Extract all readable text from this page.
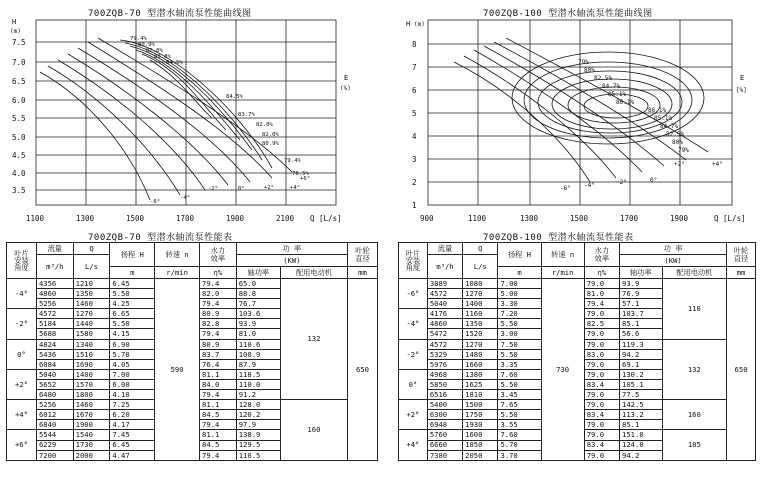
700ZQB-70 型潜水轴流泵性能曲线图
H
(m)
7.5
7.0
6.5
6.0
5.5
5.0
4.5
4.0
3.5
1100	1300	1500	1700	1900	2100 Q [L/s]
E
(%)
79.4%
80.9%
82.0%
82.8%
84.5%
84.5%
83.7%
82.8%
82.0%
80.9%
79.4%
78.5%
-6°
-4°
-2°	0°	+2°	+4°
+6°
700ZQB-100 型潜水轴流泵性能曲线图
H (m)
8
7
6
5
4
3
2
1
900	1100	1300	1500	1700	1900	Q [L/s]
E
[%]
79%
80%
82.5%
84.7%
85.1%
86.1%
86.1%
85.1%
84.7%
82.5%
80%
79%
-6° -4°	-2°	0°
+2°	+4°
700ZQB-70 型潜水轴流泵性能表
叶片
安装
角度	流量	Q	扬程 H	转速 n	水力
效率	功 率		叶轮
直径
	m³/h	L/s				(KW)		
			m	r/min	η%	轴功率	配用电动机	mm
-4°	4356	1210	6.45	590	79.4	65.0	132	650
	4860	1350	5.50		82.0	88.8		
	5256	1460	4.25		79.4	76.7		
-2°	4572	1270	6.65		80.9	103.6		
	5184	1440	5.50		82.8	93.9		
	5688	1580	4.15		79.4	81.0		
0°	4824	1340	6.90		80.9	110.6		
	5436	1510	5.70		83.7	100.9		
	6084	1690	4.05		76.4	87.9		
+2°	5040	1400	7.00		81.1	118.5		
	5652	1570	6.00		84.0	110.0		
	6480	1800	4.10		79.4	91.2		
+4°	5256	1460	7.25		81.1	128.0	160	
	6012	1670	6.20		84.5	120.2		
	6840	1900	4.17		79.4	97.9		
+6°	5544	1540	7.45		81.1	138.9		
	6229	1730	6.45		84.5	129.5		
	7200	2000	4.47		79.4	110.5		
700ZQB-100 型潜水轴流泵性能表
叶片
安装
角度	流量	Q	扬程 H	转速 n	水力
效率	功 率		叶轮
直径
	m³/h	L/s				(KW)		
			m	r/min	η%	轴功率	配用电动机	mm
-6°	3889	1080	7.00	730	79.0	93.9	110	650
	4572	1270	5.00		81.0	76.9		
	5040	1400	3.30		79.4	57.1		
-4°	4176	1160	7.20		79.0	103.7		
	4860	1350	5.50		82.5	85.1		
	5472	1520	3.00		79.0	56.6		
-2°	4572	1270	7.50		79.0	119.3	132	
	5329	1480	5.50		83.0	94.2		
	5976	1660	3.35		79.0	69.1		
0°	4968	1380	7.60		79.0	130.2		
	5850	1625	5.50		83.4	105.1		
	6516	1810	3.45		79.0	77.5		
+2°	5400	1500	7.65		79.0	142.5	160	
	6300	1750	5.50		83.4	113.2		
	6948	1930	3.55		79.0	85.1		
+4°	5760	1600	7.60		79.0	151.0	185	
	6660	1850	5.70		83.4	124.0		
	7380	2050	3.70		79.0	94.2		
